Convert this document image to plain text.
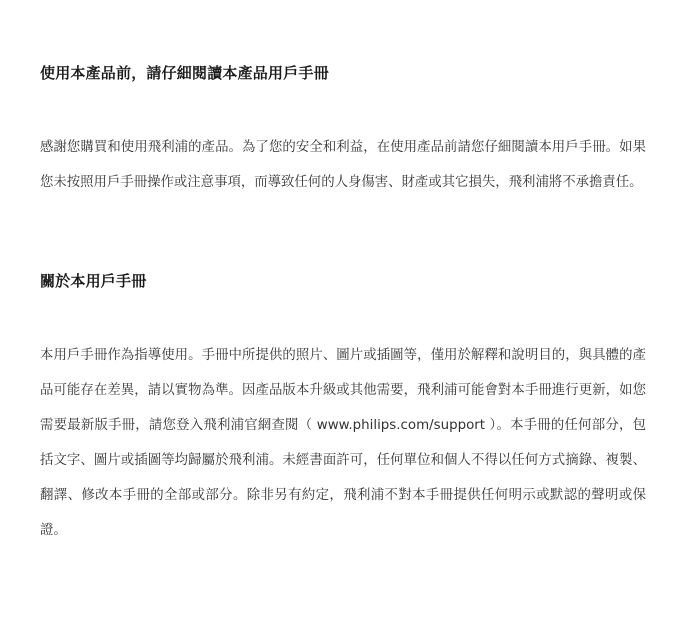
使用本產品前，請仔細閱讀本產品用戶手冊

感謝您購買和使用飛利浦的產品。為了您的安全和利益，在使用產品前請您仔細閱讀本用戶手冊。如果您未按照用戶手冊操作或注意事項，而導致任何的人身傷害、財產或其它損失，飛利浦將不承擔責任。

關於本用戶手冊

本用戶手冊作為指導使用。手冊中所提供的照片、圖片或插圖等，僅用於解釋和說明目的，與具體的產品可能存在差異，請以實物為準。因產品版本升級或其他需要，飛利浦可能會對本手冊進行更新，如您需要最新版手冊，請您登入飛利浦官網查閱（ www.philips.com/support ）。本手冊的任何部分，包括文字、圖片或插圖等均歸屬於飛利浦。未經書面許可，任何單位和個人不得以任何方式摘錄、複製、翻譯、修改本手冊的全部或部分。除非另有約定，飛利浦不對本手冊提供任何明示或默認的聲明或保證。
